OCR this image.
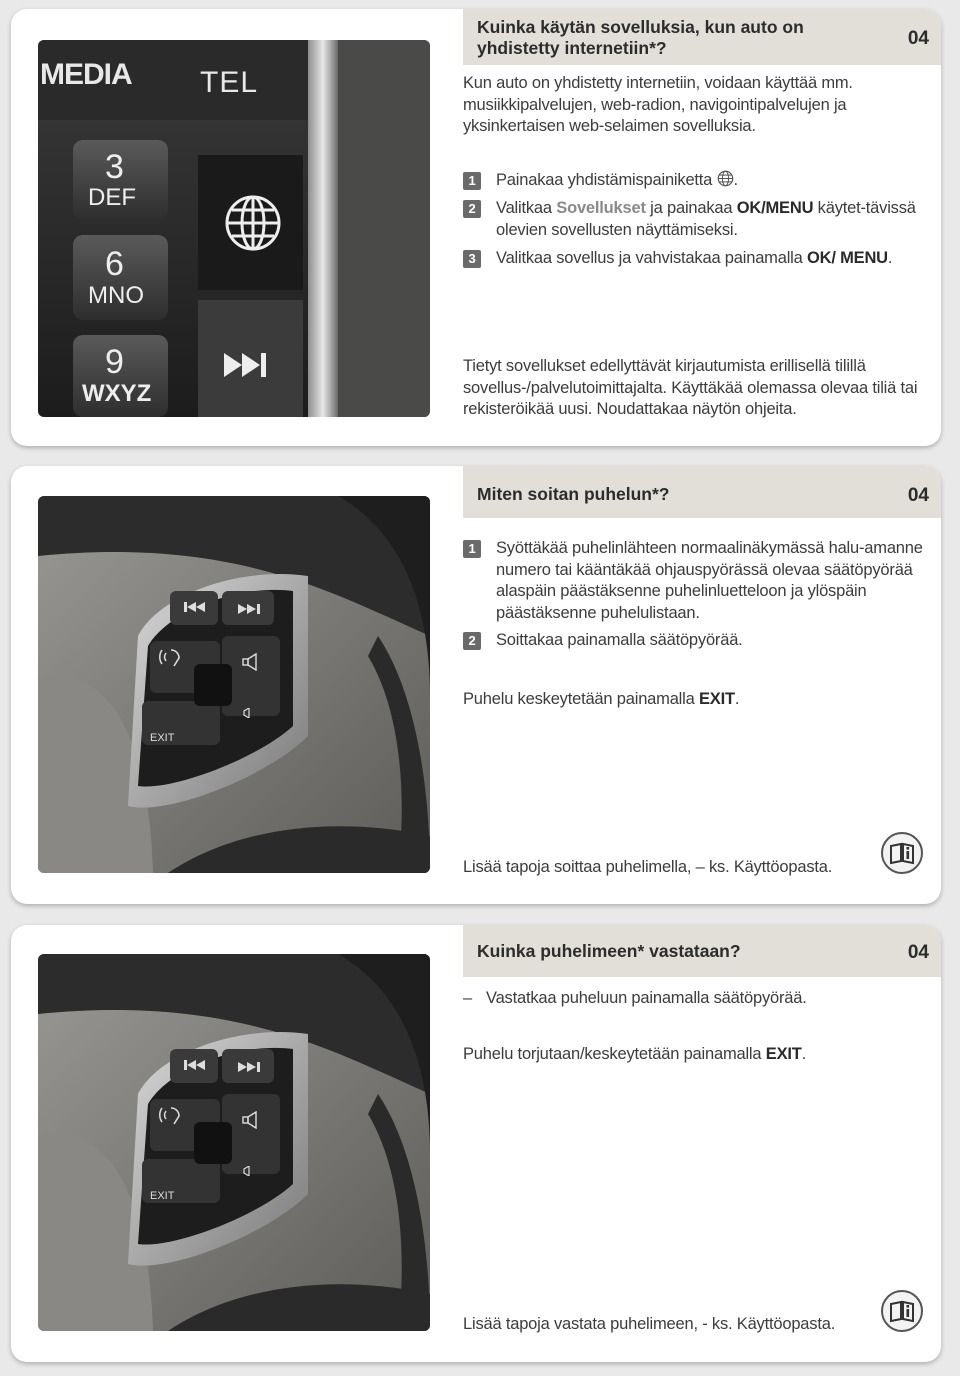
MEDIA TEL
3
DEF
6
MNO
9
WXYZ
Kuinka käytän sovelluksia, kun auto on yhdistetty internetiin*?	04
Kun auto on yhdistetty internetiin, voidaan käyttää mm. musiikkipalvelujen, web-radion, navigointipalvelujen ja yksinkertaisen web-selaimen sovelluksia.
1	Painakaa yhdistämispainiketta .
2	Valitkaa Sovellukset ja painakaa OK/MENU käytet-tävissä olevien sovellusten näyttämiseksi.
3	Valitkaa sovellus ja vahvistakaa painamalla OK/ MENU.
Tietyt sovellukset edellyttävät kirjautumista erillisellä tilillä sovellus-/palvelutoimittajalta. Käyttäkää olemassa olevaa tiliä tai rekisteröikää uusi. Noudattakaa näytön ohjeita.
EXIT
Miten soitan puhelun*?	04
1	Syöttäkää puhelinlähteen normaalinäkymässä halu-amanne numero tai kääntäkää ohjauspyörässä olevaa säätöpyörää alaspäin päästäksenne puhelinluetteloon ja ylöspäin päästäksenne puhelulistaan.
2	Soittakaa painamalla säätöpyörää.
Puhelu keskeytetään painamalla EXIT.
Lisää tapoja soittaa puhelimella, – ks. Käyttöopasta.
EXIT
Kuinka puhelimeen* vastataan?	04
– Vastatkaa puheluun painamalla säätöpyörää.
Puhelu torjutaan/keskeytetään painamalla EXIT.
Lisää tapoja vastata puhelimeen, - ks. Käyttöopasta.
